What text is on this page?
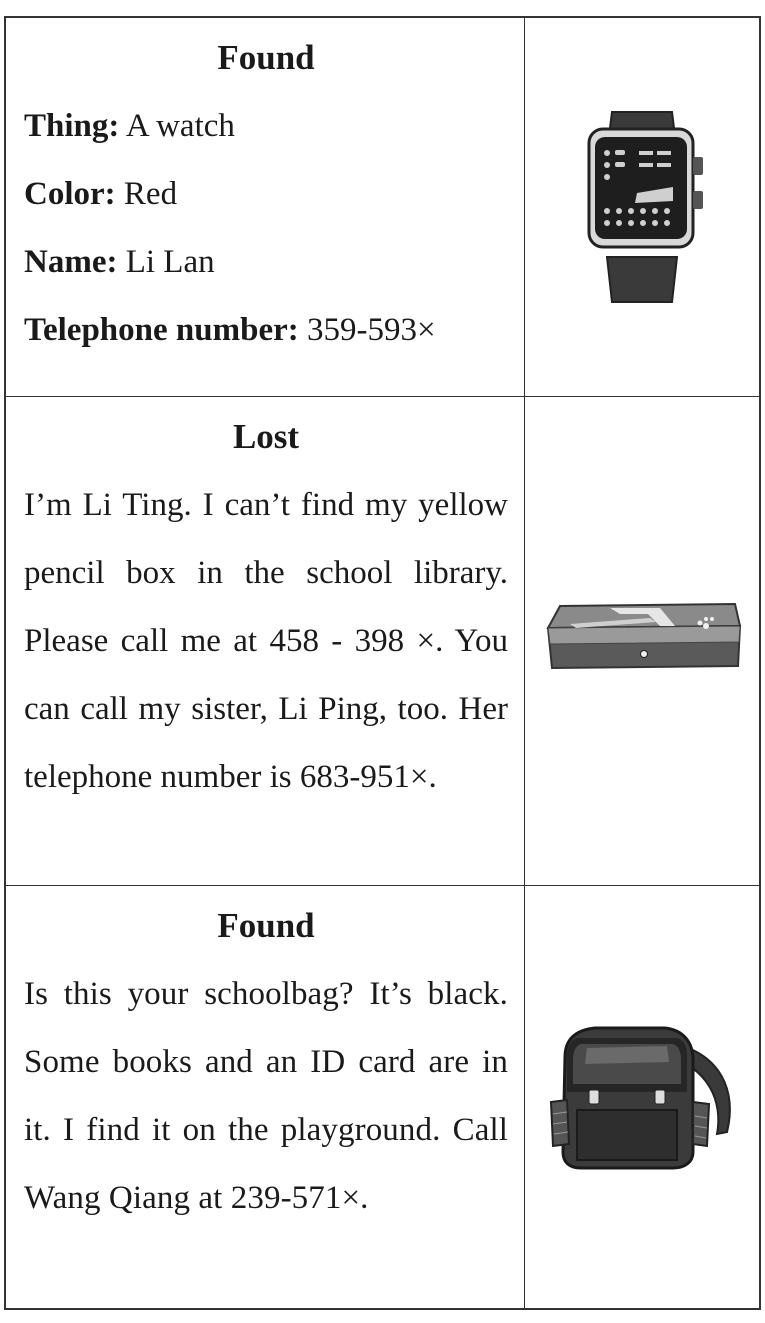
Found
Thing: A watch
Color: Red
Name: Li Lan
Telephone number: 359-593×
Lost
I’m Li Ting. I can’t find my yellow pencil box in the school library. Please call me at 458 - 398 ×. You can call my sister, Li Ping, too. Her telephone number is 683-951×.
Found
Is this your schoolbag? It’s black. Some books and an ID card are in it. I find it on the playground. Call Wang Qiang at 239-571×.
